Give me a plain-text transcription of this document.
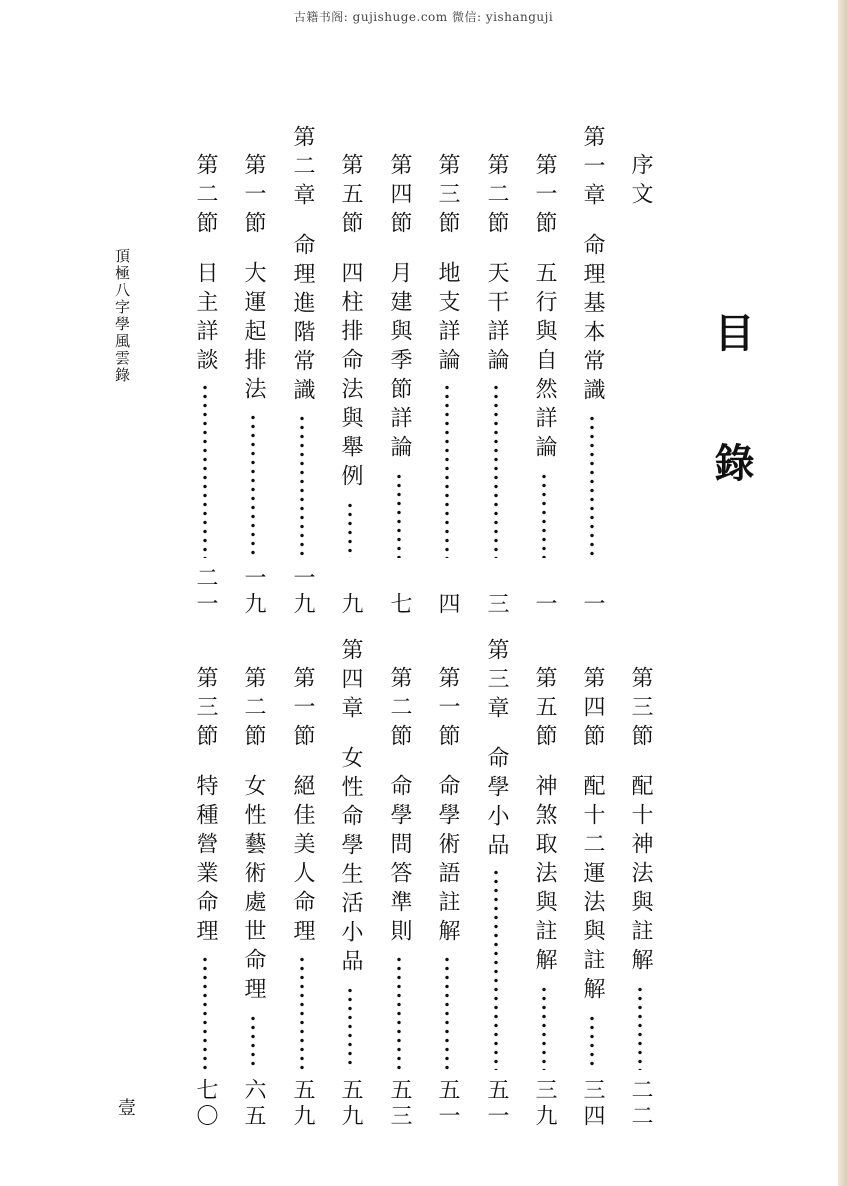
古籍书阁: gujishuge.com 微信: yishanguji
目
錄
序文
第一章
命理基本常識
一
第一節
五行與自然詳論
一
第二節
天干詳論
三
第三節
地支詳論
四
第四節
月建與季節詳論
七
第五節
四柱排命法與舉例
九
第二章
命理進階常識
一九
第一節
大運起排法
一九
第二節
日主詳談
二一
第三節
配十神法與註解
二二
第四節
配十二運法與註解
三四
第五節
神煞取法與註解
三九
第三章
命學小品
五一
第一節
命學術語註解
五一
第二節
命學問答準則
五三
第四章
女性命學生活小品
五九
第一節
絕佳美人命理
五九
第二節
女性藝術處世命理
六五
第三節
特種營業命理
七〇
頂極八字學風雲錄
壹
